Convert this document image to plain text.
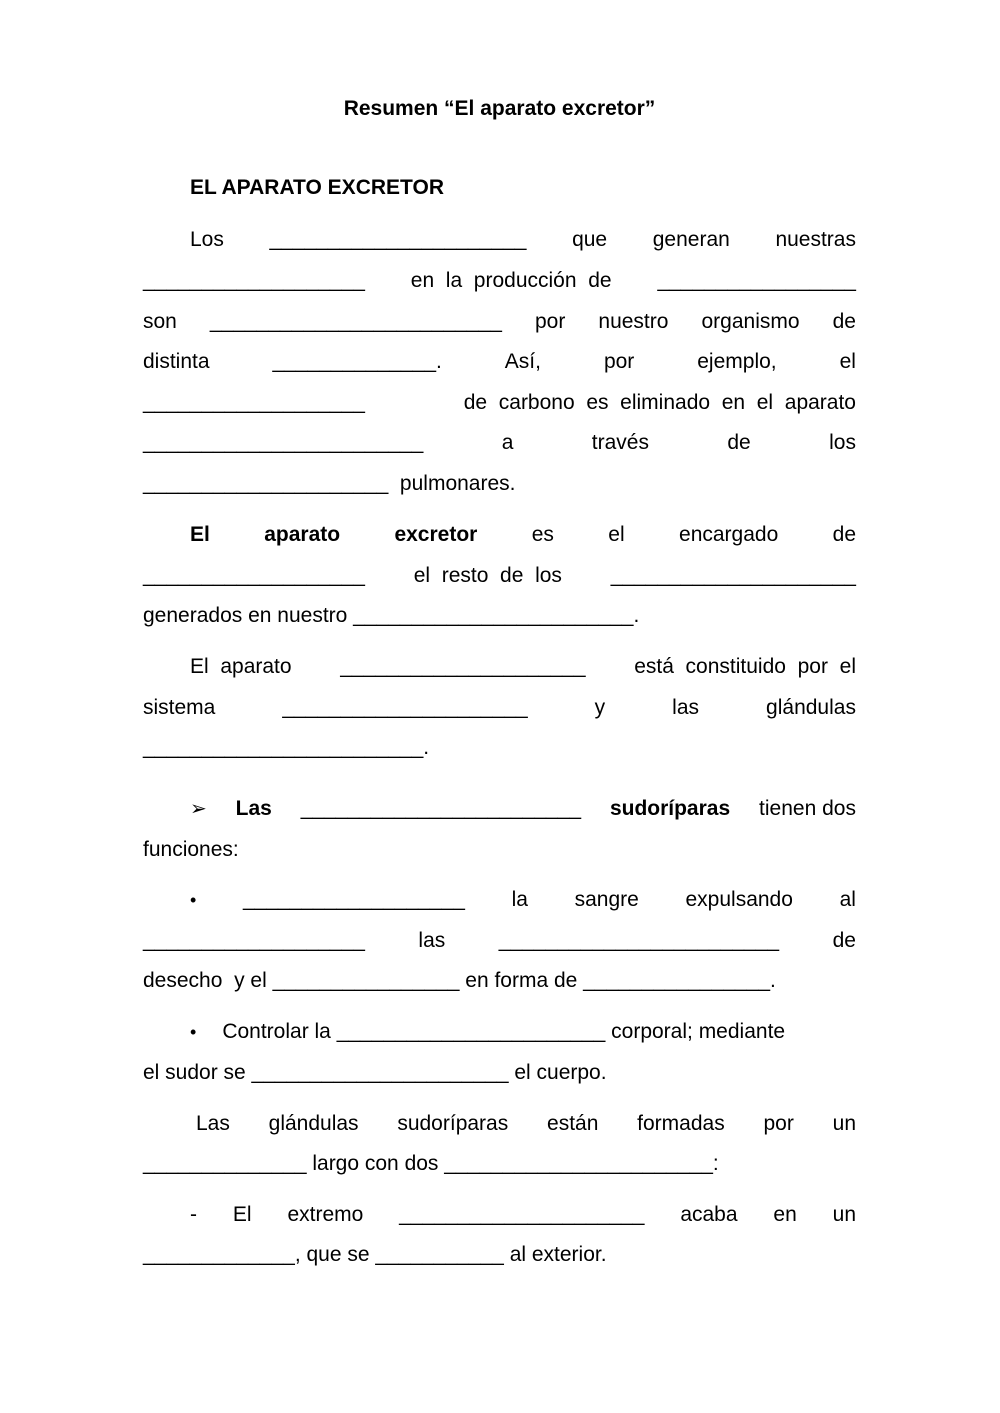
Resumen “El aparato excretor”
EL APARATO EXCRETOR
Los ______________________ que generan nuestras
___________________ en  la  producción  de _________________
son _________________________ por nuestro organismo de
distinta	______________.	Así,	por	ejemplo,	el
___________________	de  carbono  es  eliminado  en  el  aparato
________________________	a	través	de	los
_____________________  pulmonares.
El	aparato	excretor	es	el	encargado	de
___________________ el  resto  de  los _____________________
generados en nuestro ________________________.
El  aparato _____________________ está  constituido  por  el
sistema	_____________________	y	las	glándulas
________________________.
➢ Las ________________________ sudoríparas tienen dos
funciones:
• ___________________ la sangre expulsando al
___________________	las	________________________	de
desecho  y el ________________ en forma de ________________.
• Controlar la _______________________ corporal; mediante
el sudor se ______________________ el cuerpo.
Las glándulas sudoríparas están formadas por un
______________ largo con dos _______________________:
- El extremo _____________________ acaba en un
_____________, que se ___________ al exterior.
